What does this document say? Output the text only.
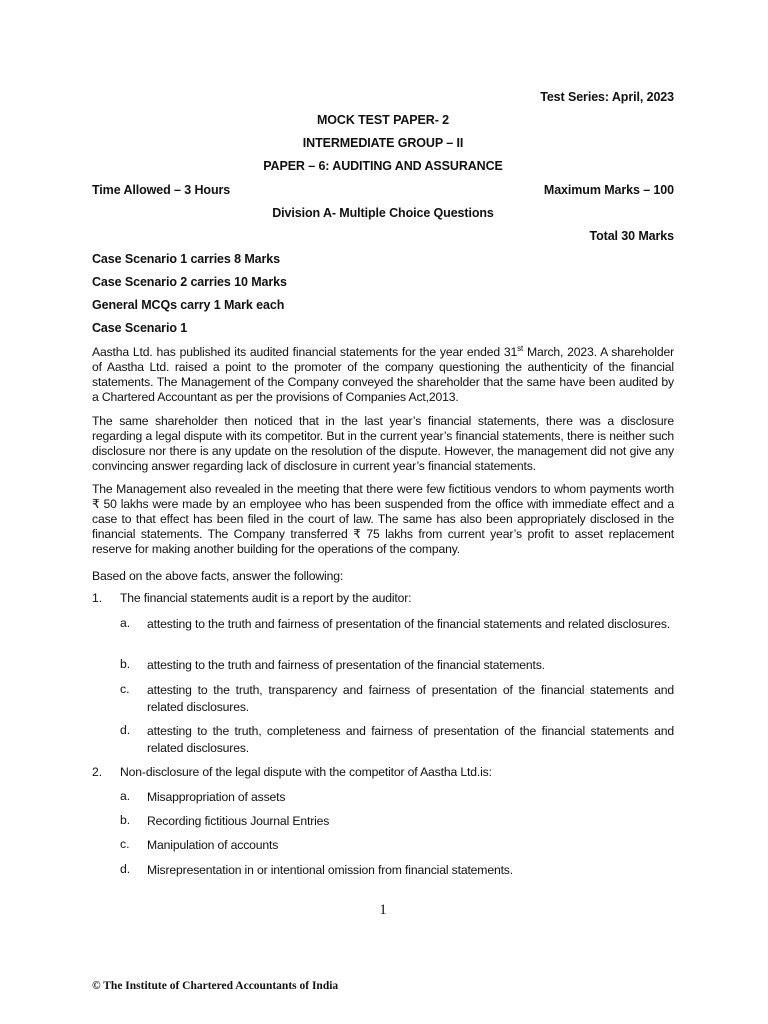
Test Series: April, 2023
MOCK TEST PAPER- 2
INTERMEDIATE GROUP – II
PAPER – 6: AUDITING AND ASSURANCE
Time Allowed – 3 Hours	Maximum Marks – 100
Division A- Multiple Choice Questions
Total 30 Marks
Case Scenario 1 carries 8 Marks
Case Scenario 2 carries 10 Marks
General MCQs carry 1 Mark each
Case Scenario 1

Aastha Ltd. has published its audited financial statements for the year ended 31st March, 2023. A shareholder of Aastha Ltd. raised a point to the promoter of the company questioning the authenticity of the financial statements. The Management of the Company conveyed the shareholder that the same have been audited by a Chartered Accountant as per the provisions of Companies Act,2013.

The same shareholder then noticed that in the last year’s financial statements, there was a disclosure regarding a legal dispute with its competitor. But in the current year’s financial statements, there is neither such disclosure nor there is any update on the resolution of the dispute. However, the management did not give any convincing answer regarding lack of disclosure in current year’s financial statements.

The Management also revealed in the meeting that there were few fictitious vendors to whom payments worth ₹ 50 lakhs were made by an employee who has been suspended from the office with immediate effect and a case to that effect has been filed in the court of law. The same has also been appropriately disclosed in the financial statements. The Company transferred ₹ 75 lakhs from current year’s profit to asset replacement reserve for making another building for the operations of the company.

Based on the above facts, answer the following:

1. The financial statements audit is a report by the auditor:
a. attesting to the truth and fairness of presentation of the financial statements and related disclosures.
b. attesting to the truth and fairness of presentation of the financial statements.
c. attesting to the truth, transparency and fairness of presentation of the financial statements and related disclosures.
d. attesting to the truth, completeness and fairness of presentation of the financial statements and related disclosures.
2. Non-disclosure of the legal dispute with the competitor of Aastha Ltd.is:
a. Misappropriation of assets
b. Recording fictitious Journal Entries
c. Manipulation of accounts
d. Misrepresentation in or intentional omission from financial statements.
1
© The Institute of Chartered Accountants of India
